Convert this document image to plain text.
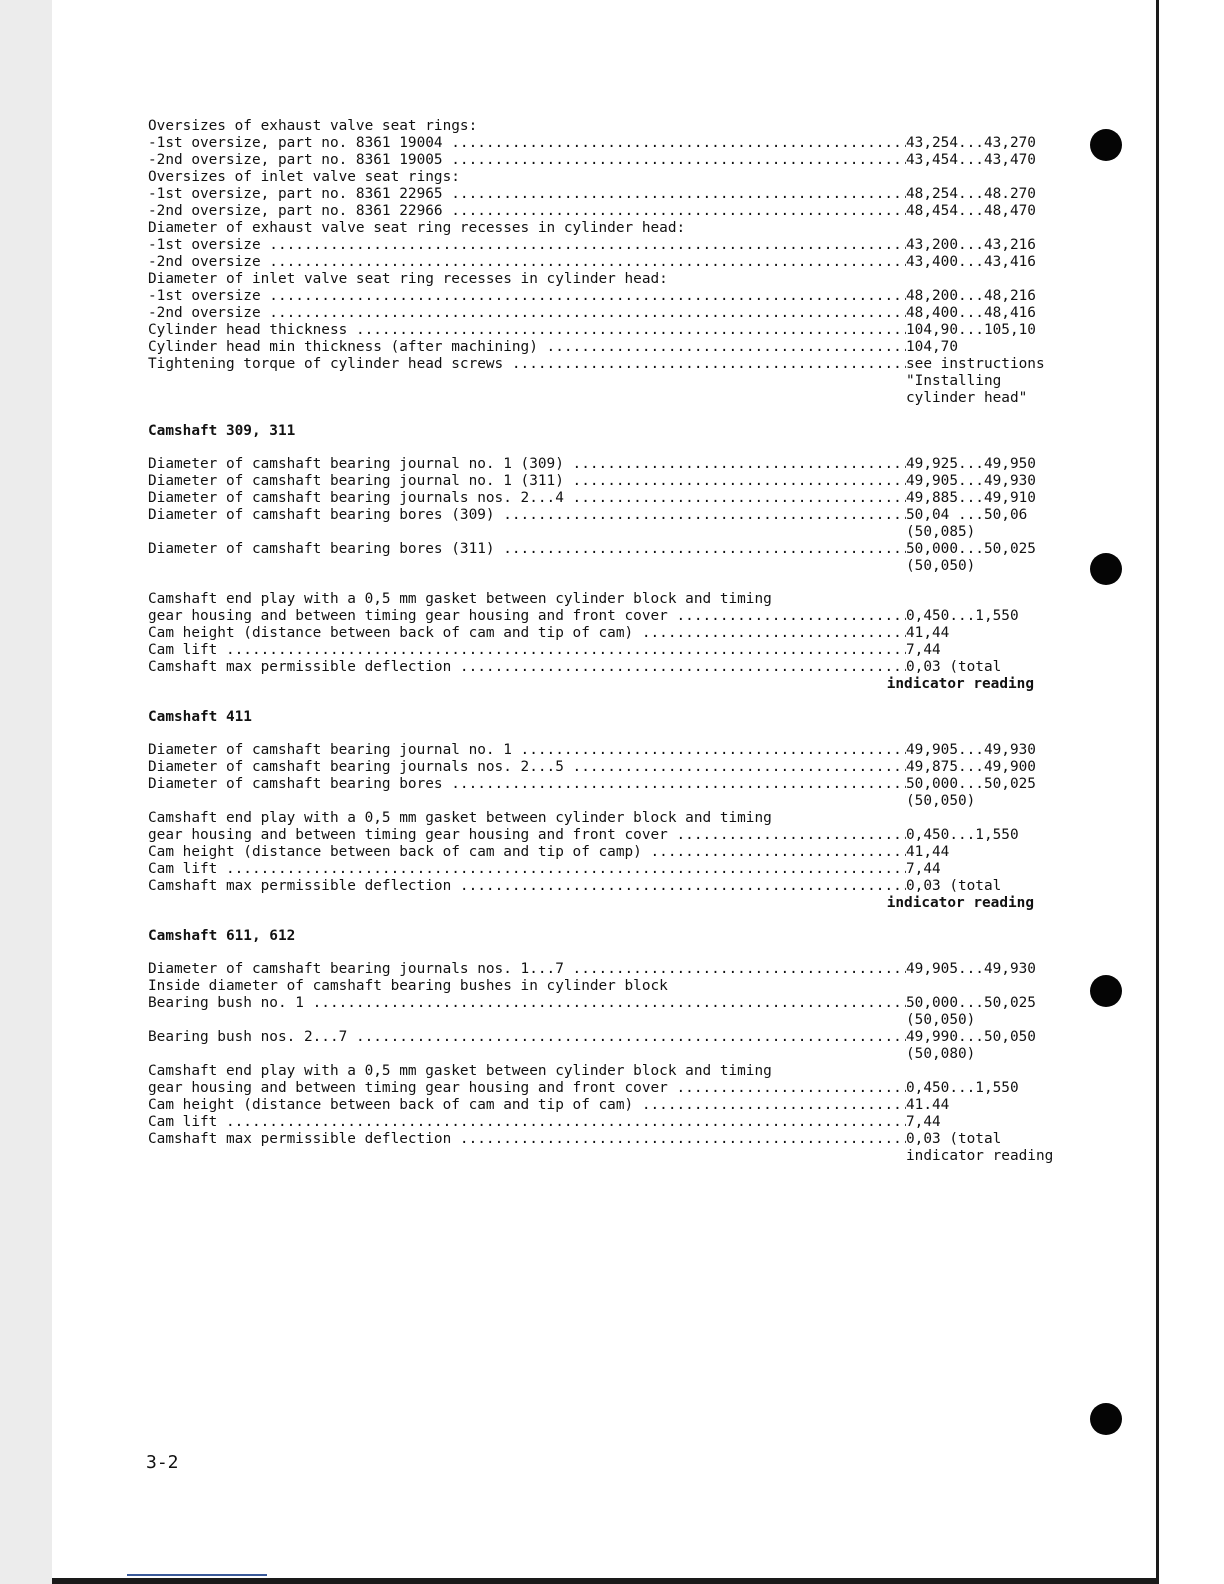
Oversizes of exhaust valve seat rings:
-1st oversize, part no. 8361 19004 .....	43,254...43,270
-2nd oversize, part no. 8361 19005 .....	43,454...43,470
Oversizes of inlet valve seat rings:
-1st oversize, part no. 8361 22965 .....	48,254...48.270
-2nd oversize, part no. 8361 22966 .....	48,454...48,470
Diameter of exhaust valve seat ring recesses in cylinder head:
-1st oversize .....	43,200...43,216
-2nd oversize .....	43,400...43,416
Diameter of inlet valve seat ring recesses in cylinder head:
-1st oversize .....	48,200...48,216
-2nd oversize .....	48,400...48,416
Cylinder head thickness .....	104,90...105,10
Cylinder head min thickness (after machining) .....	104,70
Tightening torque of cylinder head screws .....	see instructions
"Installing
cylinder head"
Camshaft 309, 311
Diameter of camshaft bearing journal no. 1 (309) .....	49,925...49,950
Diameter of camshaft bearing journal no. 1 (311) .....	49,905...49,930
Diameter of camshaft bearing journals nos. 2...4 .....	49,885...49,910
Diameter of camshaft bearing bores (309) .....	50,04 ...50,06
(50,085)
Diameter of camshaft bearing bores (311) .....	50,000...50,025
(50,050)
Camshaft end play with a 0,5 mm gasket between cylinder block and timing
gear housing and between timing gear housing and front cover .....	0,450...1,550
Cam height (distance between back of cam and tip of cam) .....	41,44
Cam lift .....	7,44
Camshaft max permissible deflection .....	0,03 (total
indicator reading
Camshaft 411
Diameter of camshaft bearing journal no. 1 .....	49,905...49,930
Diameter of camshaft bearing journals nos. 2...5 .....	49,875...49,900
Diameter of camshaft bearing bores .....	50,000...50,025
(50,050)
Camshaft end play with a 0,5 mm gasket between cylinder block and timing
gear housing and between timing gear housing and front cover .....	0,450...1,550
Cam height (distance between back of cam and tip of camp) .....	41,44
Cam lift .....	7,44
Camshaft max permissible deflection .....	0,03 (total
indicator reading
Camshaft 611, 612
Diameter of camshaft bearing journals nos. 1...7 .....	49,905...49,930
Inside diameter of camshaft bearing bushes in cylinder block
Bearing bush no. 1 .....	50,000...50,025
(50,050)
Bearing bush nos. 2...7 .....	49,990...50,050
(50,080)
Camshaft end play with a 0,5 mm gasket between cylinder block and timing
gear housing and between timing gear housing and front cover .....	0,450...1,550
Cam height (distance between back of cam and tip of cam) .....	41.44
Cam lift .....	7,44
Camshaft max permissible deflection .....	0,03 (total
indicator reading
3-2
